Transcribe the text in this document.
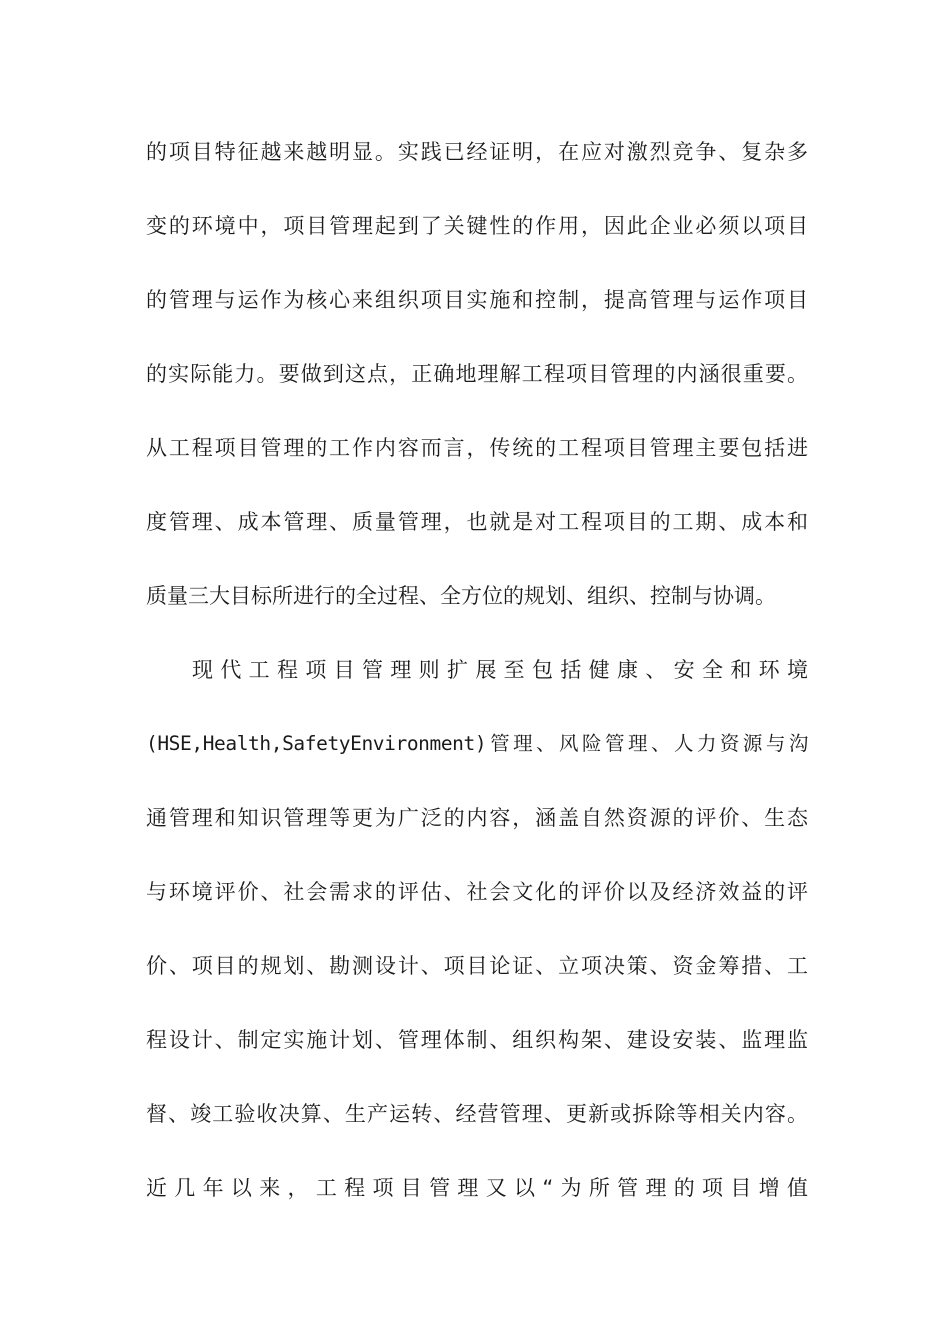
的项目特征越来越明显。实践已经证明，在应对激烈竞争、复杂多
变的环境中，项目管理起到了关键性的作用，因此企业必须以项目
的管理与运作为核心来组织项目实施和控制，提高管理与运作项目
的实际能力。要做到这点，正确地理解工程项目管理的内涵很重要。
从工程项目管理的工作内容而言，传统的工程项目管理主要包括进
度管理、成本管理、质量管理，也就是对工程项目的工期、成本和
质量三大目标所进行的全过程、全方位的规划、组织、控制与协调。
现代工程项目管理则扩展至包括健康、安全和环境
(HSE,Health,SafetyEnvironment)管理、风险管理、人力资源与沟
通管理和知识管理等更为广泛的内容，涵盖自然资源的评价、生态
与环境评价、社会需求的评估、社会文化的评价以及经济效益的评
价、项目的规划、勘测设计、项目论证、立项决策、资金筹措、工
程设计、制定实施计划、管理体制、组织构架、建设安装、监理监
督、竣工验收决算、生产运转、经营管理、更新或拆除等相关内容。
近几年以来，工程项目管理又以“为所管理的项目增值
